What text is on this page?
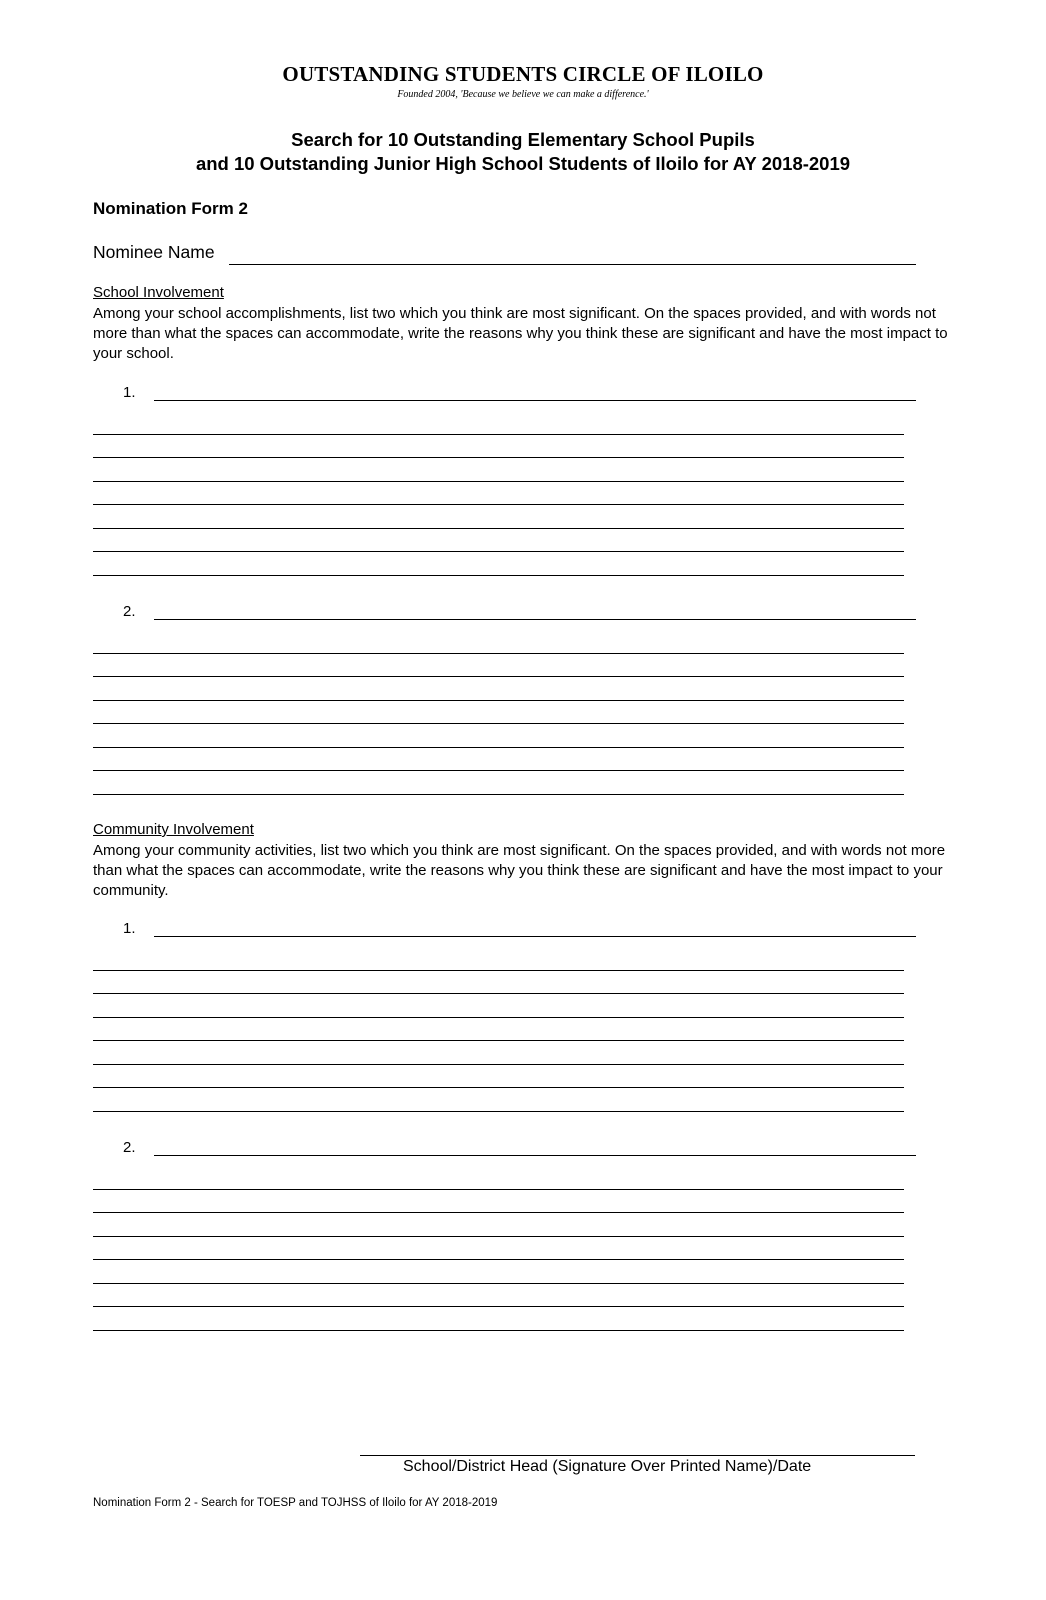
OUTSTANDING STUDENTS CIRCLE OF ILOILO
Founded 2004, 'Because we believe we can make a difference.'
Search for 10 Outstanding Elementary School Pupils
and 10 Outstanding Junior High School Students of Iloilo for AY 2018-2019
Nomination Form 2
Nominee Name
School Involvement
Among your school accomplishments, list two which you think are most significant. On the spaces provided, and with words not more than what the spaces can accommodate, write the reasons why you think these are significant and have the most impact to your school.
1.
2.
Community Involvement
Among your community activities, list two which you think are most significant. On the spaces provided, and with words not more than what the spaces can accommodate, write the reasons why you think these are significant and have the most impact to your community.
1.
2.
School/District Head (Signature Over Printed Name)/Date
Nomination Form 2 - Search for TOESP and TOJHSS of Iloilo for AY 2018-2019
